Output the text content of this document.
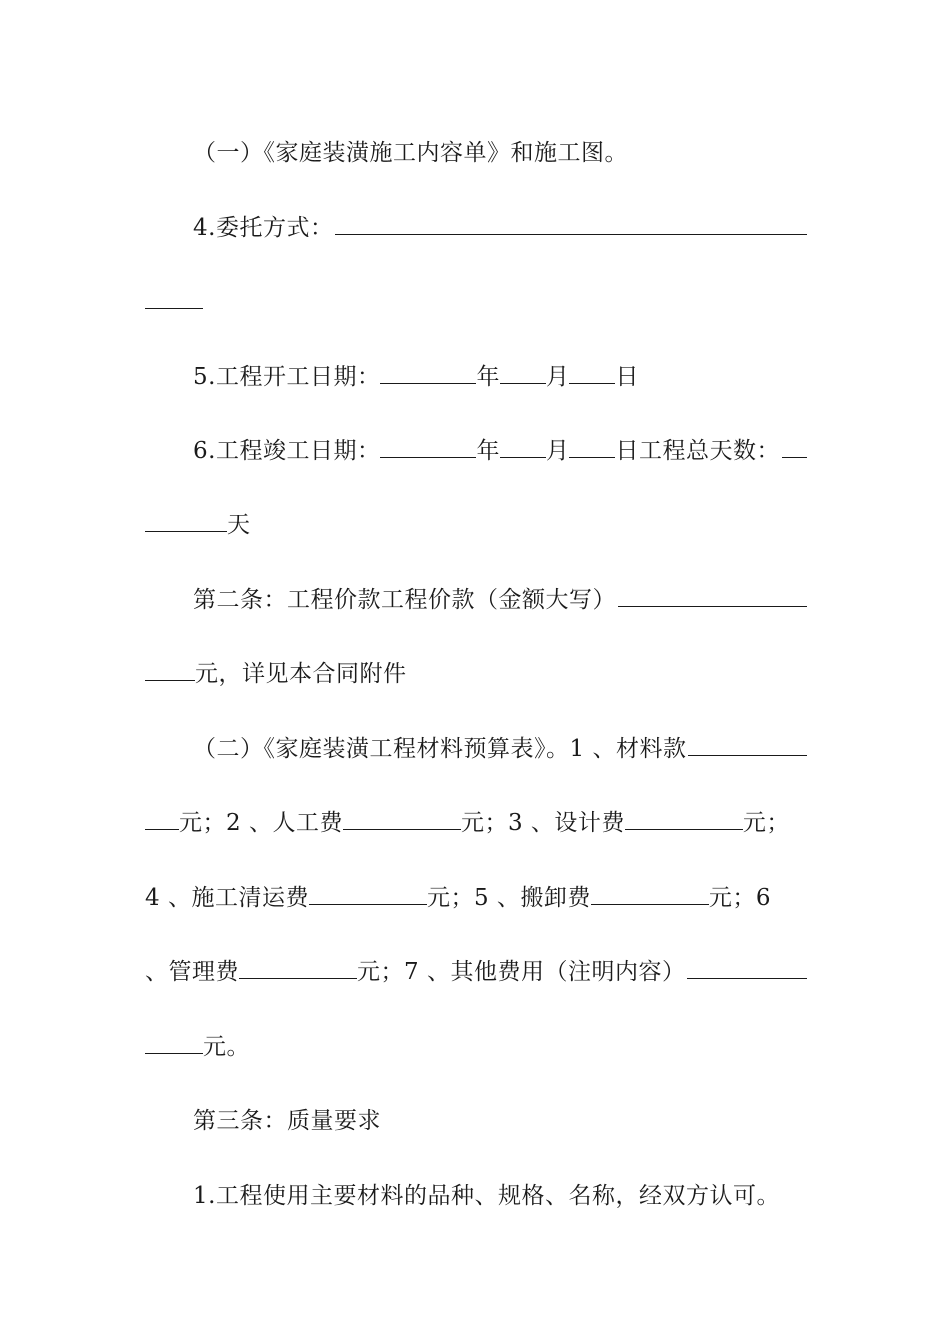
（一）《家庭装潢施工内容单》和施工图。
4.委托方式：
5.工程开工日期：	年 月 日
6.工程竣工日期：	年 月 日工程总天数：
天
第二条：工程价款工程价款（金额大写）
元，详见本合同附件
（二）《家庭装潢工程材料预算表》。1 、材料款
元；2 、人工费	元；3 、设计费	元；
4 、施工清运费	元；5 、搬卸费	元；6
、管理费	元；7 、其他费用（注明内容）
元。
第三条：质量要求
1.工程使用主要材料的品种、规格、名称，经双方认可。
